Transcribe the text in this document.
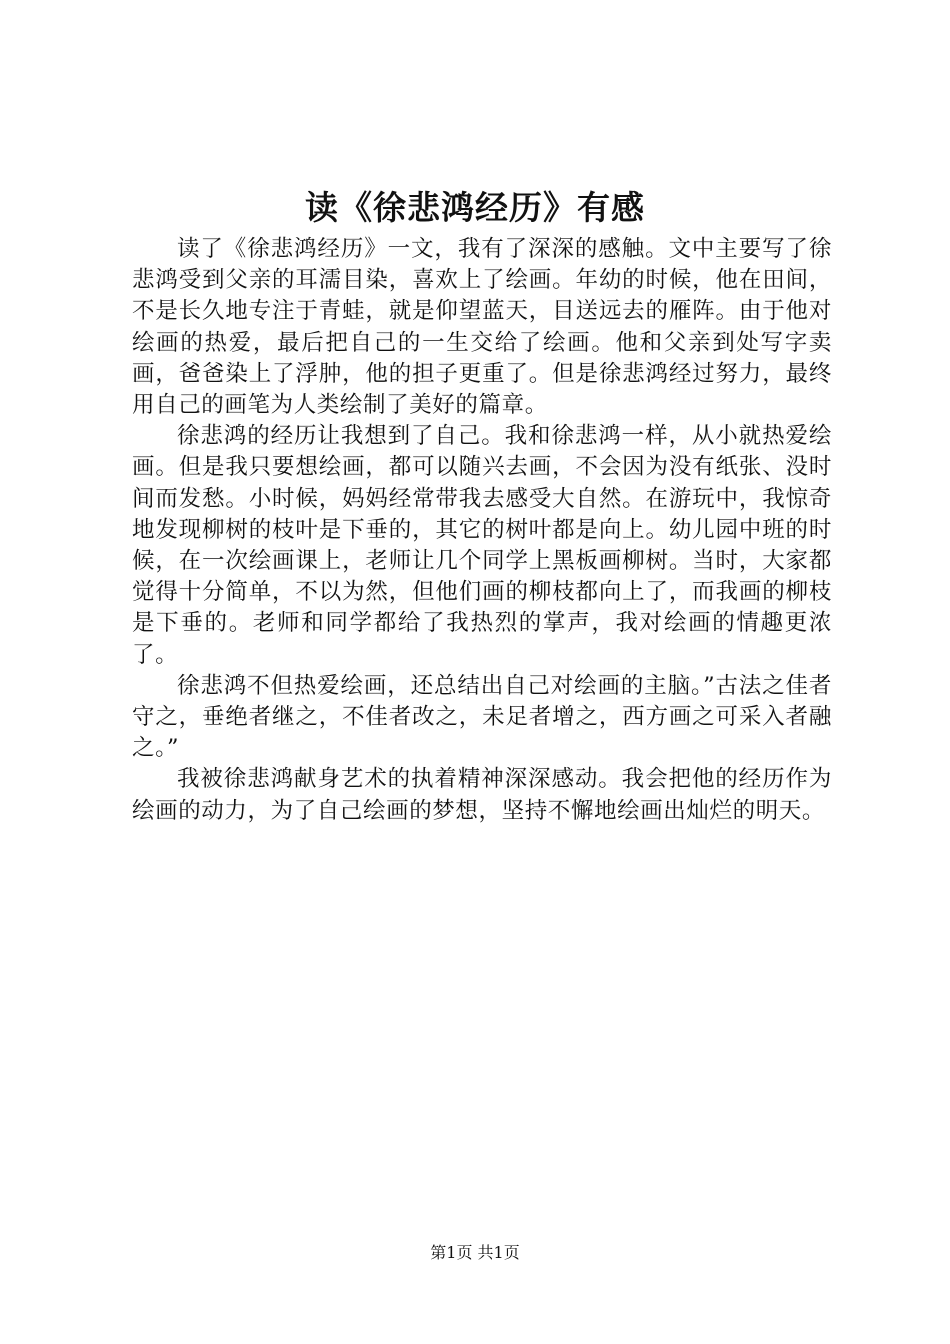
读《徐悲鸿经历》有感

读了《徐悲鸿经历》一文，我有了深深的感触。文中主要写了徐悲鸿受到父亲的耳濡目染，喜欢上了绘画。年幼的时候，他在田间，不是长久地专注于青蛙，就是仰望蓝天，目送远去的雁阵。由于他对绘画的热爱，最后把自己的一生交给了绘画。他和父亲到处写字卖画，爸爸染上了浮肿，他的担子更重了。但是徐悲鸿经过努力，最终用自己的画笔为人类绘制了美好的篇章。

徐悲鸿的经历让我想到了自己。我和徐悲鸿一样，从小就热爱绘画。但是我只要想绘画，都可以随兴去画，不会因为没有纸张、没时间而发愁。小时候，妈妈经常带我去感受大自然。在游玩中，我惊奇地发现柳树的枝叶是下垂的，其它的树叶都是向上。幼儿园中班的时候，在一次绘画课上，老师让几个同学上黑板画柳树。当时，大家都觉得十分简单，不以为然，但他们画的柳枝都向上了，而我画的柳枝是下垂的。老师和同学都给了我热烈的掌声，我对绘画的情趣更浓了。

徐悲鸿不但热爱绘画，还总结出自己对绘画的主脑。”古法之佳者守之，垂绝者继之，不佳者改之，未足者增之，西方画之可采入者融之。”

我被徐悲鸿献身艺术的执着精神深深感动。我会把他的经历作为绘画的动力，为了自己绘画的梦想，坚持不懈地绘画出灿烂的明天。

第1页 共1页
